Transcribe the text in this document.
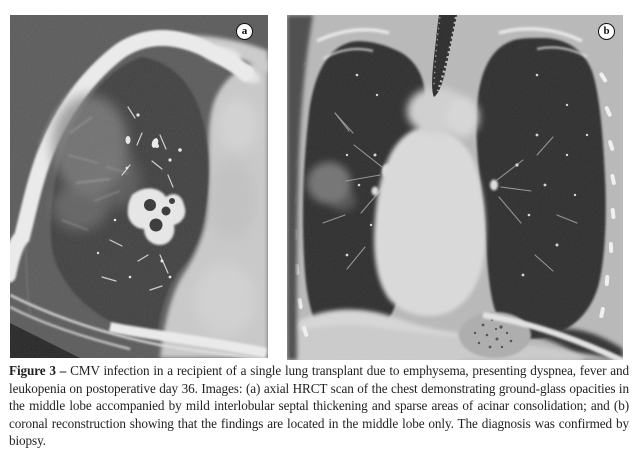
a	b

Figure 3 – CMV infection in a recipient of a single lung transplant due to emphysema, presenting dyspnea, fever and leukopenia on postoperative day 36. Images: (a) axial HRCT scan of the chest demonstrating ground-glass opacities in the middle lobe accompanied by mild interlobular septal thickening and sparse areas of acinar consolidation; and (b) coronal reconstruction showing that the findings are located in the middle lobe only. The diagnosis was confirmed by biopsy.
